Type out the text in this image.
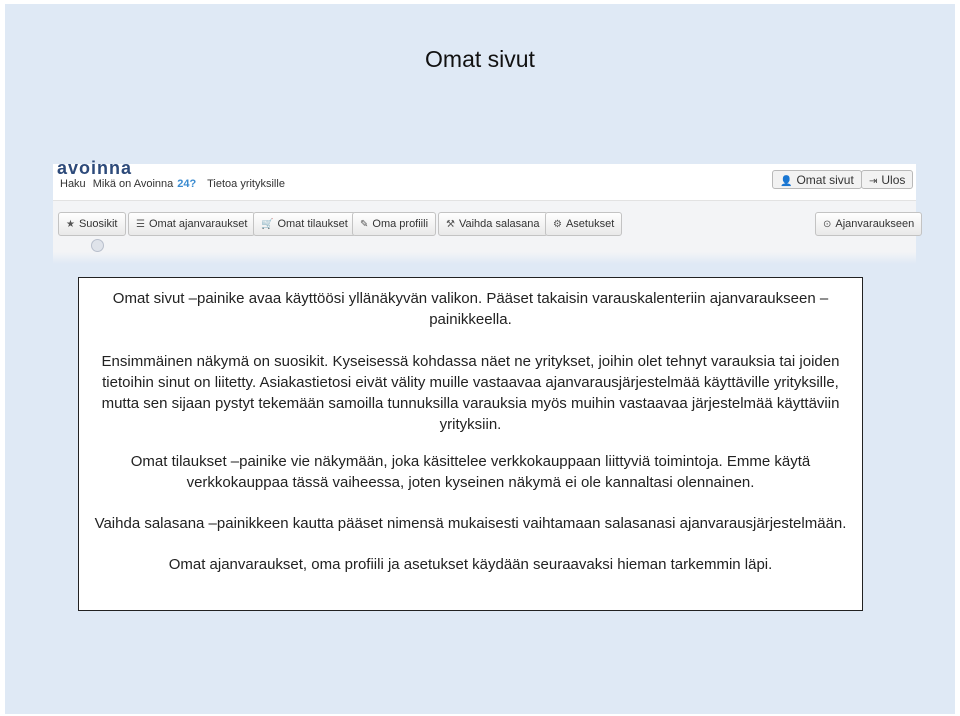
Omat sivut
avoinna
Haku Mikä on Avoinna 24? Tietoa yrityksille	👤 Omat sivut	⇥ Ulos
★ Suosikit	☰ Omat ajanvaraukset	🛒 Omat tilaukset	✎ Oma profiili	⚒ Vaihda salasana	⚙ Asetukset	⊙ Ajanvaraukseen

Omat sivut –painike avaa käyttöösi yllänäkyvän valikon. Pääset takaisin varauskalenteriin ajanvaraukseen –painikkeella.

Ensimmäinen näkymä on suosikit. Kyseisessä kohdassa näet ne yritykset, joihin olet tehnyt varauksia tai joiden tietoihin sinut on liitetty. Asiakastietosi eivät välity muille vastaavaa ajanvarausjärjestelmää käyttäville yrityksille, mutta sen sijaan pystyt tekemään samoilla tunnuksilla varauksia myös muihin vastaavaa järjestelmää käyttäviin yrityksiin.

Omat tilaukset –painike vie näkymään, joka käsittelee verkkokauppaan liittyviä toimintoja. Emme käytä verkkokauppaa tässä vaiheessa, joten kyseinen näkymä ei ole kannaltasi olennainen.

Vaihda salasana –painikkeen kautta pääset nimensä mukaisesti vaihtamaan salasanasi ajanvarausjärjestelmään.

Omat ajanvaraukset, oma profiili ja asetukset käydään seuraavaksi hieman tarkemmin läpi.
